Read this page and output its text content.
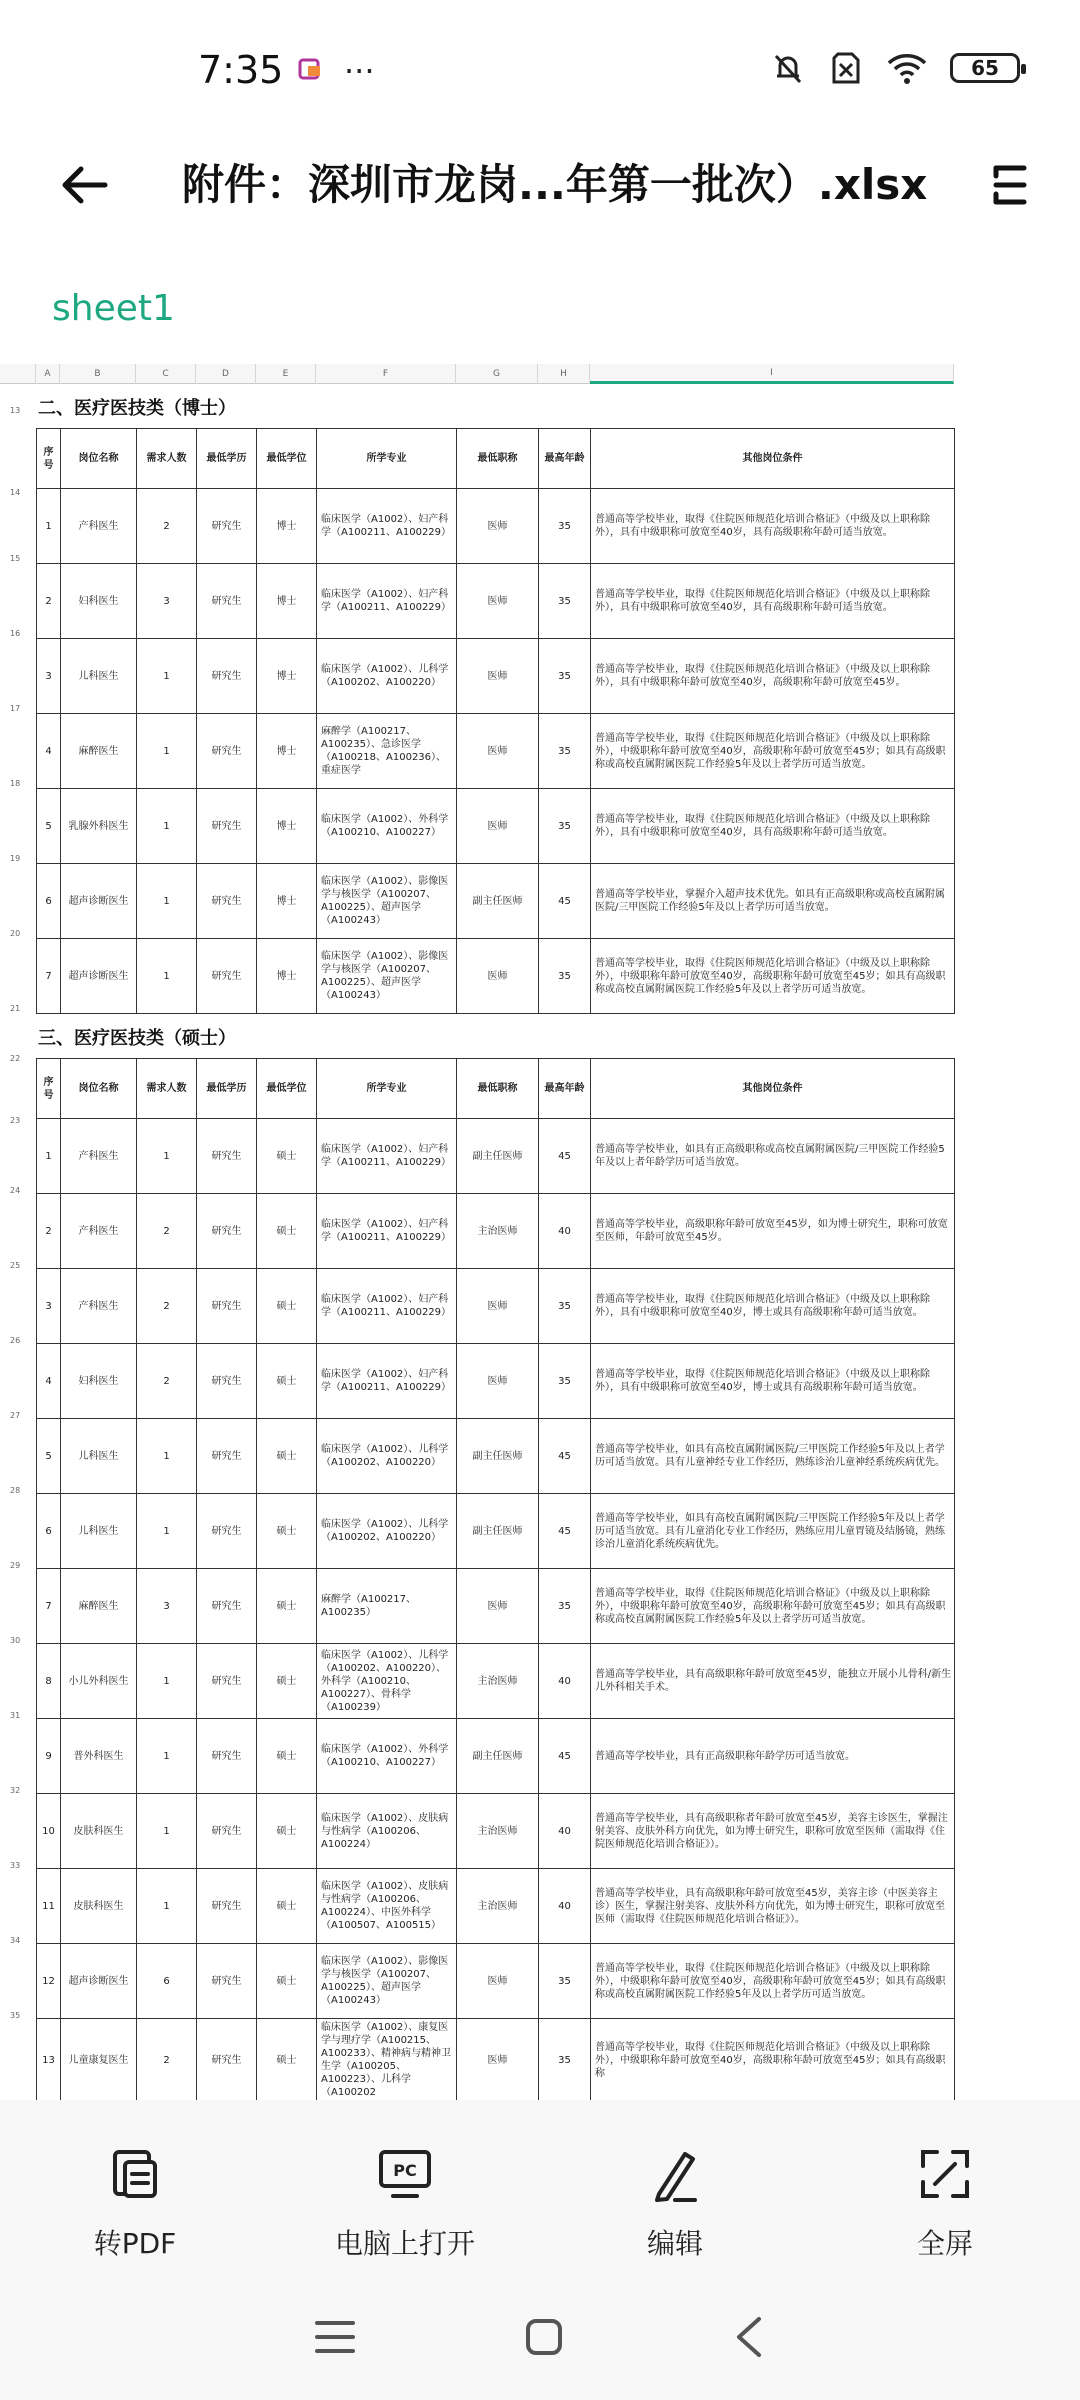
7:35 ···	65
附件：深圳市龙岗...年第一批次）.xlsx
sheet1
A	B	C	D	E	F	G	H	I
13
14
15
16
17
18
19
20
21
22
23
24
25
26
27
28
29
30
31
32
33
34
35
二、医疗医技类（博士）
序号	岗位名称	需求人数	最低学历	最低学位	所学专业	最低职称	最高年龄	其他岗位条件
1	产科医生	2	研究生	博士	临床医学（A1002）、妇产科学（A100211、A100229）	医师	35	普通高等学校毕业，取得《住院医师规范化培训合格证》（中级及以上职称除外），具有中级职称可放宽至40岁，具有高级职称年龄可适当放宽。
2	妇科医生	3	研究生	博士	临床医学（A1002）、妇产科学（A100211、A100229）	医师	35	普通高等学校毕业，取得《住院医师规范化培训合格证》（中级及以上职称除外），具有中级职称可放宽至40岁，具有高级职称年龄可适当放宽。
3	儿科医生	1	研究生	博士	临床医学（A1002）、儿科学（A100202、A100220）	医师	35	普通高等学校毕业，取得《住院医师规范化培训合格证》（中级及以上职称除外），具有中级职称年龄可放宽至40岁，高级职称年龄可放宽至45岁。
4	麻醉医生	1	研究生	博士	麻醉学（A100217、A100235）、急诊医学（A100218、A100236）、重症医学	医师	35	普通高等学校毕业，取得《住院医师规范化培训合格证》（中级及以上职称除外），中级职称年龄可放宽至40岁，高级职称年龄可放宽至45岁；如具有高级职称或高校直属附属医院工作经验5年及以上者学历可适当放宽。
5	乳腺外科医生	1	研究生	博士	临床医学（A1002）、外科学（A100210、A100227）	医师	35	普通高等学校毕业，取得《住院医师规范化培训合格证》（中级及以上职称除外），具有中级职称可放宽至40岁，具有高级职称年龄可适当放宽。
6	超声诊断医生	1	研究生	博士	临床医学（A1002）、影像医学与核医学（A100207、A100225）、超声医学（A100243）	副主任医师	45	普通高等学校毕业，掌握介入超声技术优先。如具有正高级职称或高校直属附属医院/三甲医院工作经验5年及以上者学历可适当放宽。
7	超声诊断医生	1	研究生	博士	临床医学（A1002）、影像医学与核医学（A100207、A100225）、超声医学（A100243）	医师	35	普通高等学校毕业，取得《住院医师规范化培训合格证》（中级及以上职称除外），中级职称年龄可放宽至40岁，高级职称年龄可放宽至45岁；如具有高级职称或高校直属附属医院工作经验5年及以上者学历可适当放宽。
三、医疗医技类（硕士）
序号	岗位名称	需求人数	最低学历	最低学位	所学专业	最低职称	最高年龄	其他岗位条件
1	产科医生	1	研究生	硕士	临床医学（A1002）、妇产科学（A100211、A100229）	副主任医师	45	普通高等学校毕业，如具有正高级职称或高校直属附属医院/三甲医院工作经验5年及以上者年龄学历可适当放宽。
2	产科医生	2	研究生	硕士	临床医学（A1002）、妇产科学（A100211、A100229）	主治医师	40	普通高等学校毕业，高级职称年龄可放宽至45岁，如为博士研究生，职称可放宽至医师，年龄可放宽至45岁。
3	产科医生	2	研究生	硕士	临床医学（A1002）、妇产科学（A100211、A100229）	医师	35	普通高等学校毕业，取得《住院医师规范化培训合格证》（中级及以上职称除外），具有中级职称可放宽至40岁，博士或具有高级职称年龄可适当放宽。
4	妇科医生	2	研究生	硕士	临床医学（A1002）、妇产科学（A100211、A100229）	医师	35	普通高等学校毕业，取得《住院医师规范化培训合格证》（中级及以上职称除外），具有中级职称可放宽至40岁，博士或具有高级职称年龄可适当放宽。
5	儿科医生	1	研究生	硕士	临床医学（A1002）、儿科学（A100202、A100220）	副主任医师	45	普通高等学校毕业，如具有高校直属附属医院/三甲医院工作经验5年及以上者学历可适当放宽。具有儿童神经专业工作经历，熟练诊治儿童神经系统疾病优先。
6	儿科医生	1	研究生	硕士	临床医学（A1002）、儿科学（A100202、A100220）	副主任医师	45	普通高等学校毕业，如具有高校直属附属医院/三甲医院工作经验5年及以上者学历可适当放宽。具有儿童消化专业工作经历，熟练应用儿童胃镜及结肠镜，熟练诊治儿童消化系统疾病优先。
7	麻醉医生	3	研究生	硕士	麻醉学（A100217、A100235）	医师	35	普通高等学校毕业，取得《住院医师规范化培训合格证》（中级及以上职称除外），中级职称年龄可放宽至40岁，高级职称年龄可放宽至45岁；如具有高级职称或高校直属附属医院工作经验5年及以上者学历可适当放宽。
8	小儿外科医生	1	研究生	硕士	临床医学（A1002）、儿科学（A100202、A100220）、外科学（A100210、A100227）、骨科学（A100239）	主治医师	40	普通高等学校毕业，具有高级职称年龄可放宽至45岁，能独立开展小儿骨科/新生儿外科相关手术。
9	普外科医生	1	研究生	硕士	临床医学（A1002）、外科学（A100210、A100227）	副主任医师	45	普通高等学校毕业，具有正高级职称年龄学历可适当放宽。
10	皮肤科医生	1	研究生	硕士	临床医学（A1002）、皮肤病与性病学（A100206、A100224）	主治医师	40	普通高等学校毕业，具有高级职称者年龄可放宽至45岁，美容主诊医生，掌握注射美容、皮肤外科方向优先，如为博士研究生，职称可放宽至医师（需取得《住院医师规范化培训合格证》）。
11	皮肤科医生	1	研究生	硕士	临床医学（A1002）、皮肤病与性病学（A100206、A100224）、中医外科学（A100507、A100515）	主治医师	40	普通高等学校毕业，具有高级职称年龄可放宽至45岁，美容主诊（中医美容主诊）医生，掌握注射美容、皮肤外科方向优先，如为博士研究生，职称可放宽至医师（需取得《住院医师规范化培训合格证》）。
12	超声诊断医生	6	研究生	硕士	临床医学（A1002）、影像医学与核医学（A100207、A100225）、超声医学（A100243）	医师	35	普通高等学校毕业，取得《住院医师规范化培训合格证》（中级及以上职称除外），中级职称年龄可放宽至40岁，高级职称年龄可放宽至45岁；如具有高级职称或高校直属附属医院工作经验5年及以上者学历可适当放宽。
13	儿童康复医生	2	研究生	硕士	临床医学（A1002）、康复医学与理疗学（A100215、A100233）、精神病与精神卫生学（A100205、A100223）、儿科学（A100202	医师	35	普通高等学校毕业，取得《住院医师规范化培训合格证》（中级及以上职称除外），中级职称年龄可放宽至40岁，高级职称年龄可放宽至45岁；如具有高级职称
转PDF
PC
电脑上打开	编辑	全屏
